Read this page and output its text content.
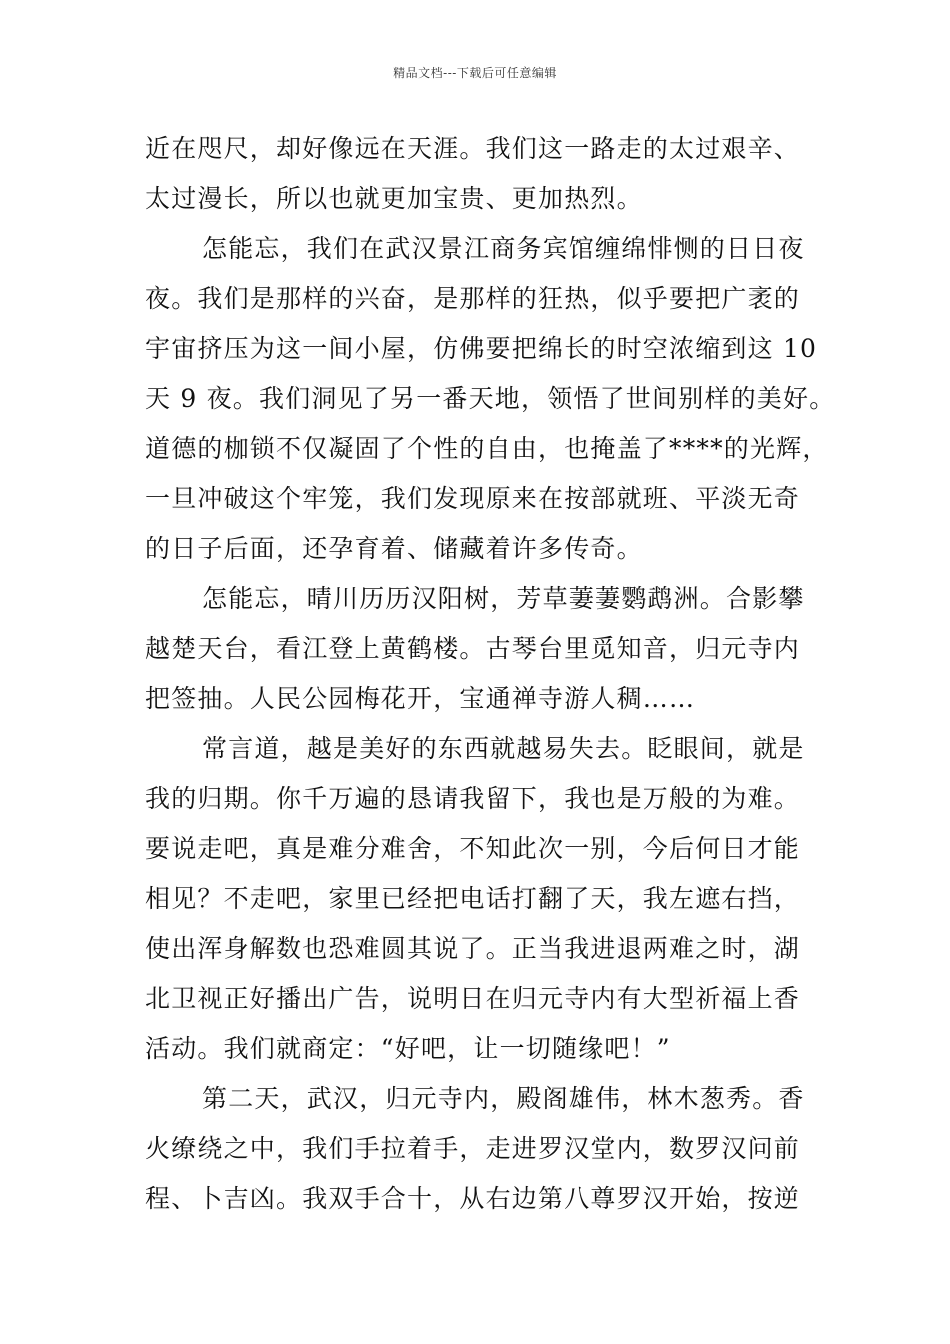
精品文档---下载后可任意编辑
近在咫尺，却好像远在天涯。我们这一路走的太过艰辛、
太过漫长，所以也就更加宝贵、更加热烈。
怎能忘，我们在武汉景江商务宾馆缠绵悱恻的日日夜
夜。我们是那样的兴奋，是那样的狂热，似乎要把广袤的
宇宙挤压为这一间小屋，仿佛要把绵长的时空浓缩到这 10
天 9 夜。我们洞见了另一番天地，领悟了世间别样的美好。
道德的枷锁不仅凝固了个性的自由，也掩盖了****的光辉，
一旦冲破这个牢笼，我们发现原来在按部就班、平淡无奇
的日子后面，还孕育着、储藏着许多传奇。
怎能忘，晴川历历汉阳树，芳草萋萋鹦鹉洲。合影攀
越楚天台，看江登上黄鹤楼。古琴台里觅知音，归元寺内
把签抽。人民公园梅花开，宝通禅寺游人稠……
常言道，越是美好的东西就越易失去。眨眼间，就是
我的归期。你千万遍的恳请我留下，我也是万般的为难。
要说走吧，真是难分难舍，不知此次一别，今后何日才能
相见？不走吧，家里已经把电话打翻了天，我左遮右挡，
使出浑身解数也恐难圆其说了。正当我进退两难之时，湖
北卫视正好播出广告，说明日在归元寺内有大型祈福上香
活动。我们就商定：“好吧，让一切随缘吧！”
第二天，武汉，归元寺内，殿阁雄伟，林木葱秀。香
火缭绕之中，我们手拉着手，走进罗汉堂内，数罗汉问前
程、卜吉凶。我双手合十，从右边第八尊罗汉开始，按逆
